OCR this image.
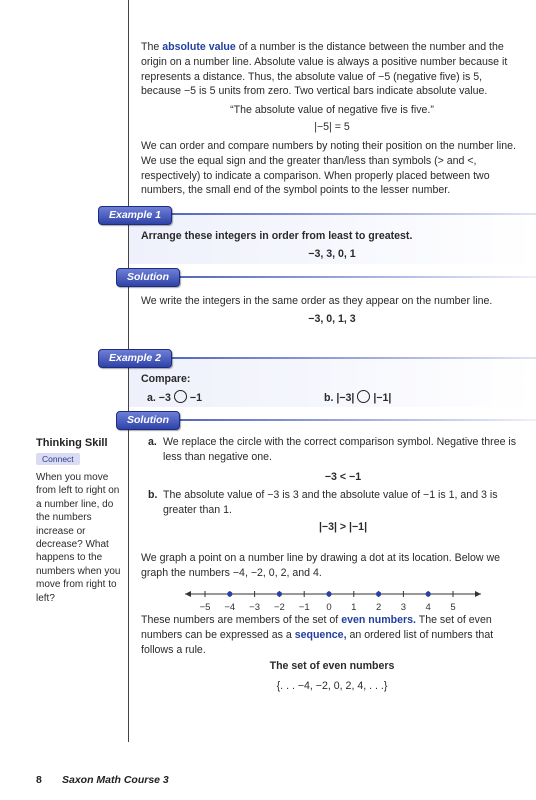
The absolute value of a number is the distance between the number and the origin on a number line. Absolute value is always a positive number because it represents a distance. Thus, the absolute value of −5 (negative five) is 5, because −5 is 5 units from zero. Two vertical bars indicate absolute value.
“The absolute value of negative five is five.”
|−5| = 5
We can order and compare numbers by noting their position on the number line. We use the equal sign and the greater than/less than symbols (> and <, respectively) to indicate a comparison. When properly placed between two numbers, the small end of the symbol points to the lesser number.
Example 1
Arrange these integers in order from least to greatest.
−3, 3, 0, 1
Solution
We write the integers in the same order as they appear on the number line.
−3, 0, 1, 3
Example 2
Compare:
a. −3 −1	b. |−3| |−1|
Solution
a. We replace the circle with the correct comparison symbol. Negative three is less than negative one.
−3 < −1
b. The absolute value of −3 is 3 and the absolute value of −1 is 1, and 3 is greater than 1.
|−3| > |−1|
We graph a point on a number line by drawing a dot at its location. Below we graph the numbers −4, −2, 0, 2, and 4.
−5 −4 −3 −2 −1 0 1 2 3 4 5
These numbers are members of the set of even numbers. The set of even numbers can be expressed as a sequence, an ordered list of numbers that follows a rule.
The set of even numbers
{. . . −4, −2, 0, 2, 4, . . .}
Thinking Skill
Connect
When you move from left to right on a number line, do the numbers increase or decrease? What happens to the numbers when you move from right to left?
8 Saxon Math Course 3
